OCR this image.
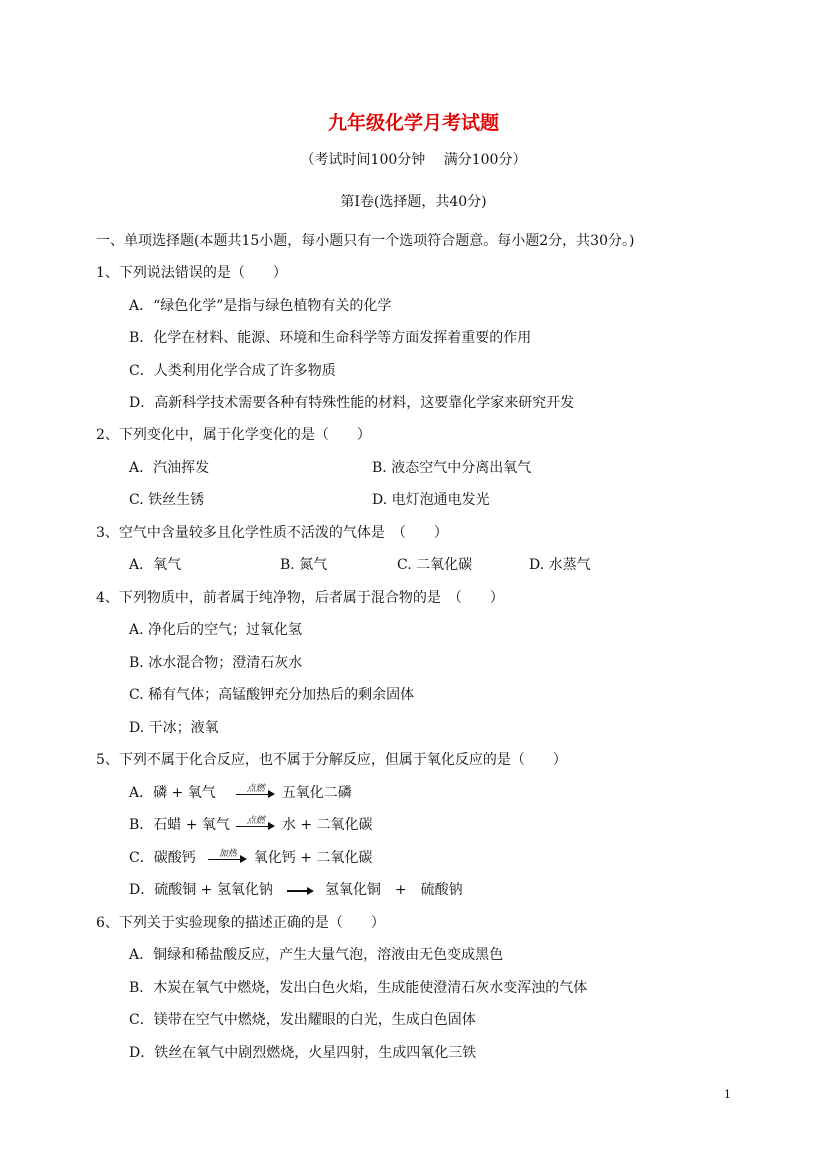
九年级化学月考试题
（考试时间100分钟　 满分100分）
第Ⅰ卷(选择题，共40分)
一、单项选择题(本题共15小题，每小题只有一个选项符合题意。每小题2分，共30分。)
1、下列说法错误的是（　　）
A．“绿色化学”是指与绿色植物有关的化学
B．化学在材料、能源、环境和生命科学等方面发挥着重要的作用
C．人类利用化学合成了许多物质
D．高新科学技术需要各种有特殊性能的材料，这要靠化学家来研究开发
2、下列变化中，属于化学变化的是（　　）
A．汽油挥发	B. 液态空气中分离出氧气
C. 铁丝生锈	D. 电灯泡通电发光
3、空气中含量较多且化学性质不活泼的气体是　（　　）
A．氧气	B. 氮气	C. 二氧化碳	D. 水蒸气
4、下列物质中，前者属于纯净物，后者属于混合物的是　（　　）
A. 净化后的空气；过氧化氢
B. 冰水混合物；澄清石灰水
C. 稀有气体；高锰酸钾充分加热后的剩余固体
D. 干冰；液氧
5、下列不属于化合反应，也不属于分解反应，但属于氧化反应的是（　　）
A．磷 + 氧气	点燃	五氧化二磷
B．石蜡 + 氧气	点燃	水 + 二氧化碳
C．碳酸钙	加热	氧化钙 + 二氧化碳
D．硫酸铜 + 氢氧化钠	氢氧化铜　+　硫酸钠
6、下列关于实验现象的描述正确的是（　　）
A．铜绿和稀盐酸反应，产生大量气泡，溶液由无色变成黑色
B．木炭在氧气中燃烧，发出白色火焰，生成能使澄清石灰水变浑浊的气体
C．镁带在空气中燃烧，发出耀眼的白光，生成白色固体
D．铁丝在氧气中剧烈燃烧，火星四射，生成四氧化三铁
1
